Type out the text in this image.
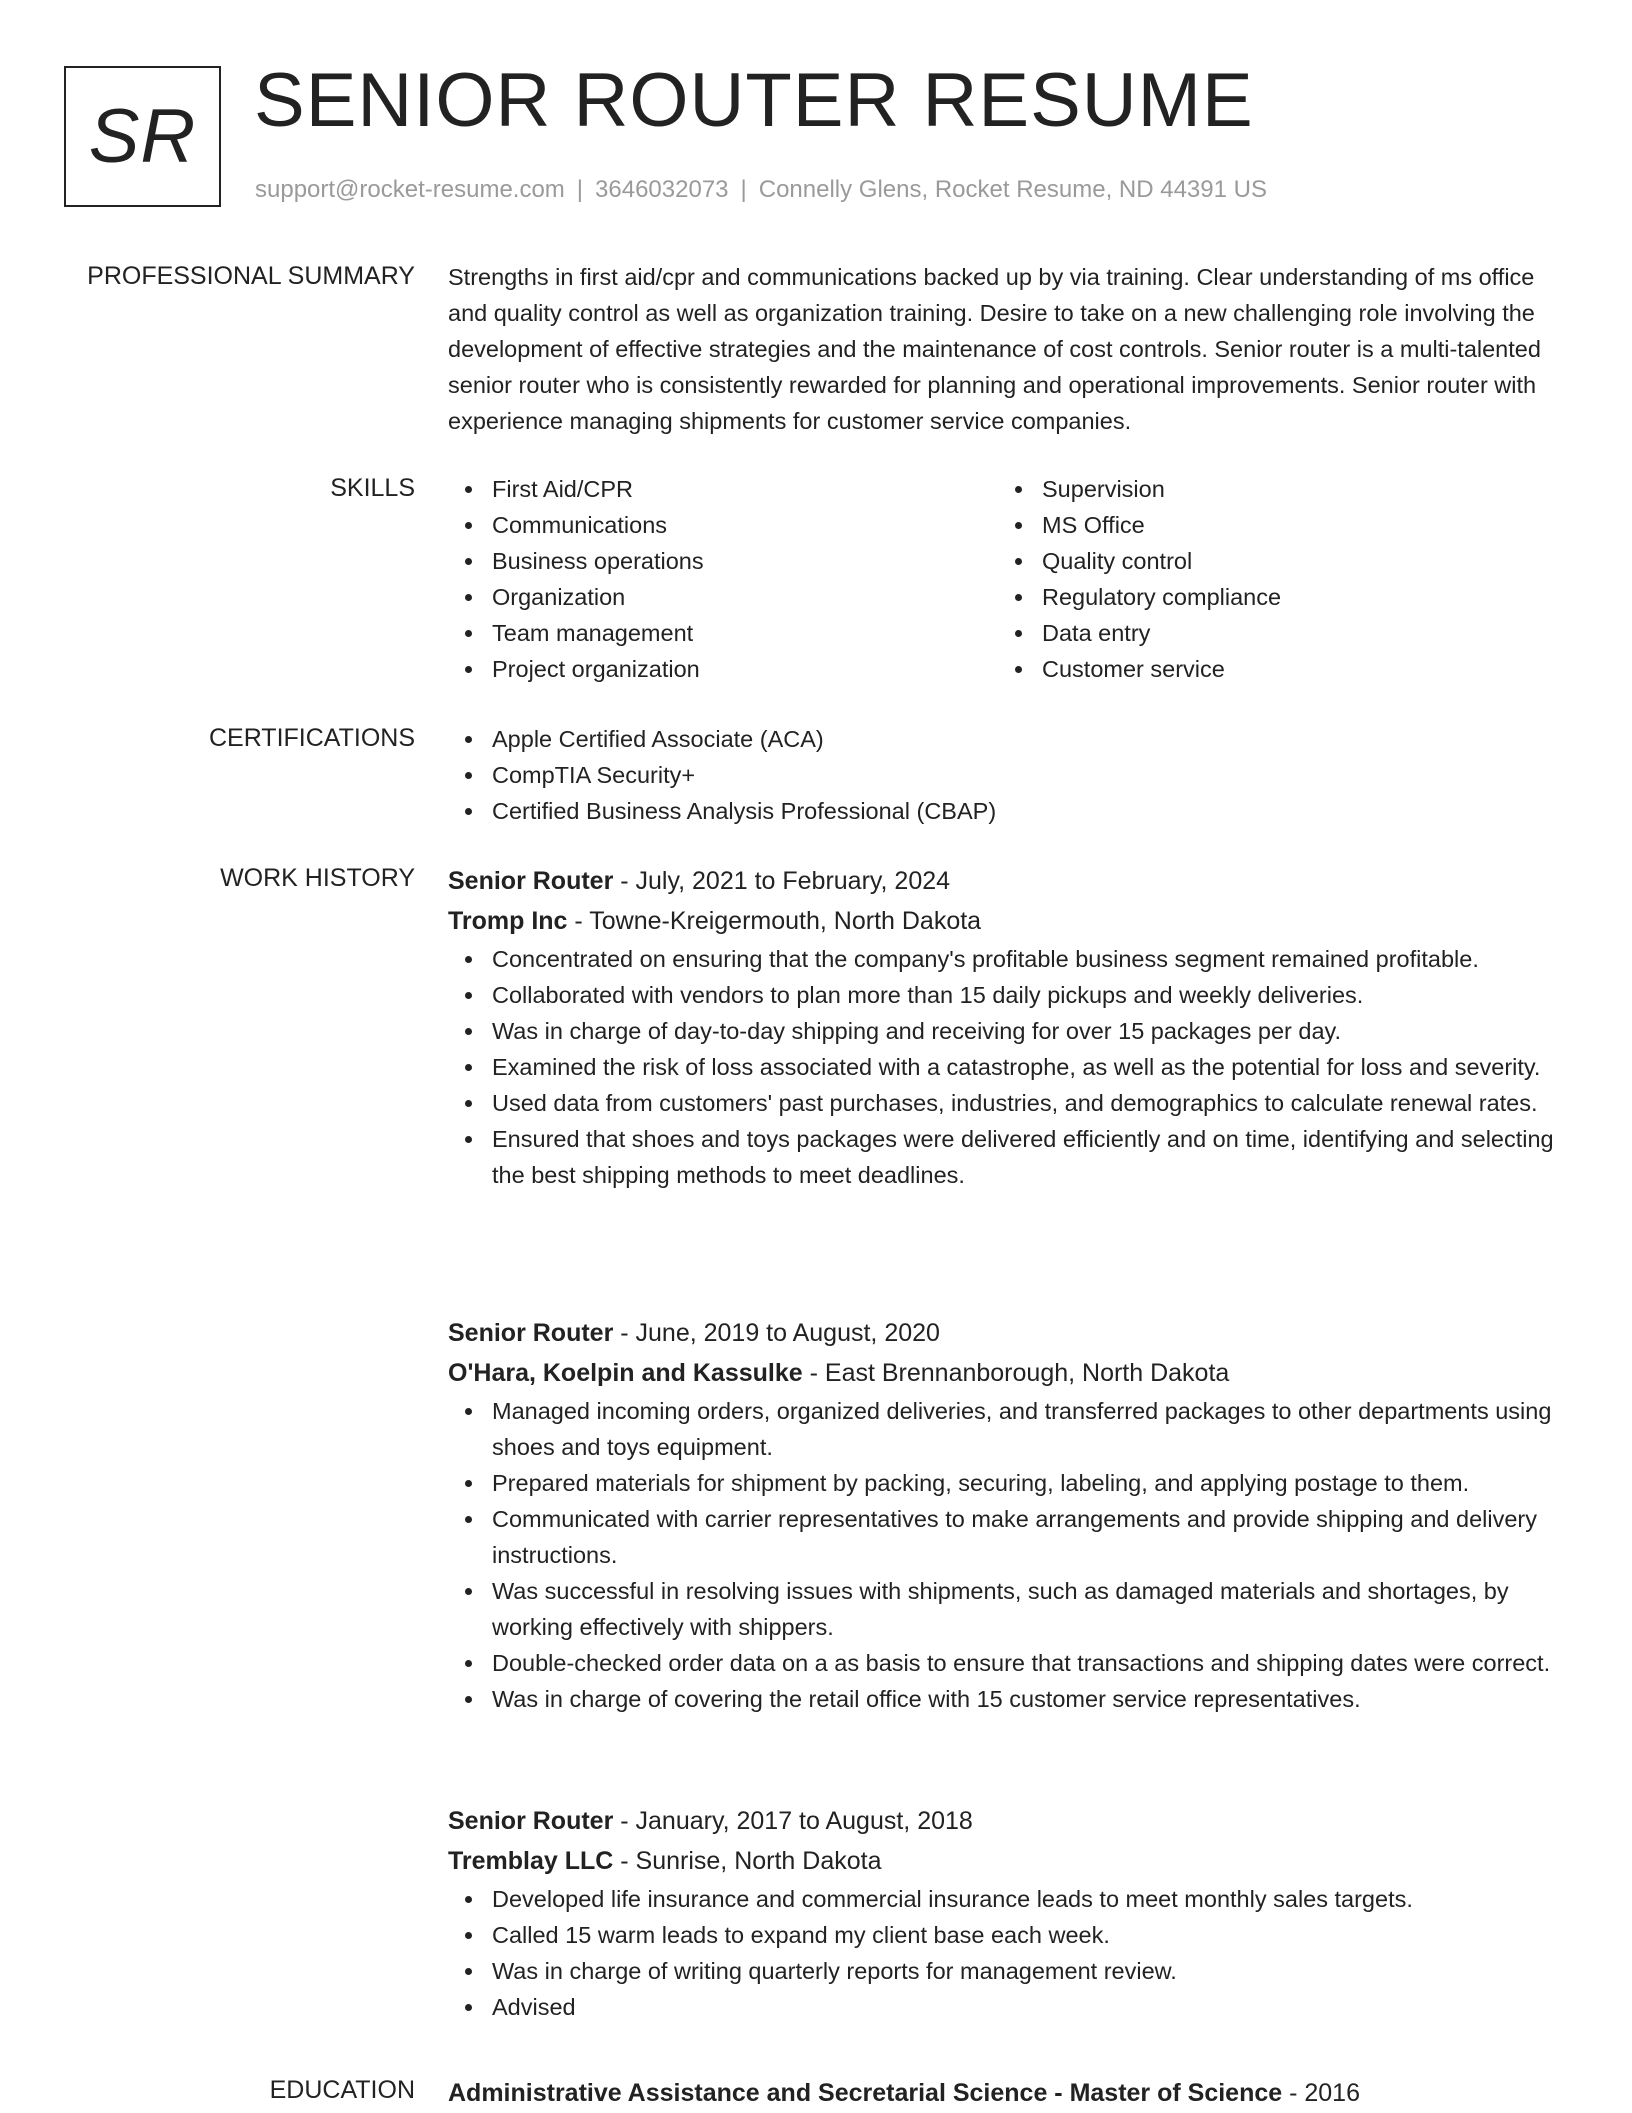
SR SENIOR ROUTER RESUME
support@rocket-resume.com | 3646032073 | Connelly Glens, Rocket Resume, ND 44391 US
PROFESSIONAL SUMMARY Strengths in first aid/cpr and communications backed up by via training. Clear understanding of ms office and quality control as well as organization training. Desire to take on a new challenging role involving the development of effective strategies and the maintenance of cost controls. Senior router is a multi-talented senior router who is consistently rewarded for planning and operational improvements. Senior router with experience managing shipments for customer service companies.

SKILLS	First Aid/CPR
Communications
Business operations
Organization
Team management
Project organization
Supervision
MS Office
Quality control
Regulatory compliance
Data entry
Customer service
CERTIFICATIONS	Apple Certified Associate (ACA)
CompTIA Security+
Certified Business Analysis Professional (CBAP)
WORK HISTORY Senior Router - July, 2021 to February, 2024
Tromp Inc - Towne-Kreigermouth, North Dakota
Concentrated on ensuring that the company's profitable business segment remained profitable.
Collaborated with vendors to plan more than 15 daily pickups and weekly deliveries.
Was in charge of day-to-day shipping and receiving for over 15 packages per day.
Examined the risk of loss associated with a catastrophe, as well as the potential for loss and severity.
Used data from customers' past purchases, industries, and demographics to calculate renewal rates.
Ensured that shoes and toys packages were delivered efficiently and on time, identifying and selecting the best shipping methods to meet deadlines.
Senior Router - June, 2019 to August, 2020
O'Hara, Koelpin and Kassulke - East Brennanborough, North Dakota
Managed incoming orders, organized deliveries, and transferred packages to other departments using shoes and toys equipment.
Prepared materials for shipment by packing, securing, labeling, and applying postage to them.
Communicated with carrier representatives to make arrangements and provide shipping and delivery instructions.
Was successful in resolving issues with shipments, such as damaged materials and shortages, by working effectively with shippers.
Double-checked order data on a as basis to ensure that transactions and shipping dates were correct.
Was in charge of covering the retail office with 15 customer service representatives.
Senior Router - January, 2017 to August, 2018
Tremblay LLC - Sunrise, North Dakota
Developed life insurance and commercial insurance leads to meet monthly sales targets.
Called 15 warm leads to expand my client base each week.
Was in charge of writing quarterly reports for management review.
Advised
EDUCATION Administrative Assistance and Secretarial Science - Master of Science - 2016
